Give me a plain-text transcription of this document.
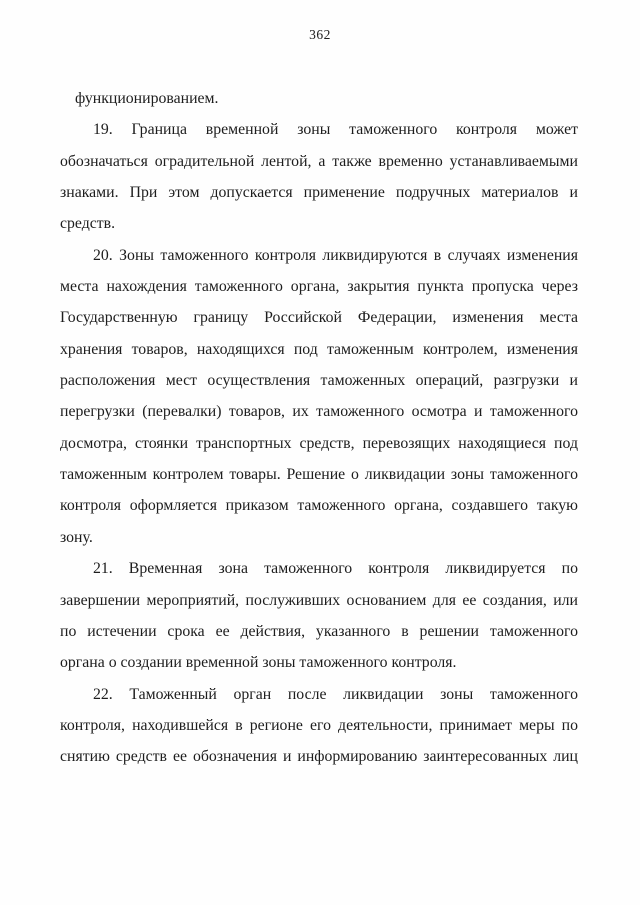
362
функционированием.
19. Граница временной зоны таможенного контроля может
обозначаться оградительной лентой, а также временно устанавливаемыми
знаками. При этом допускается применение подручных материалов и
средств.
20. Зоны таможенного контроля ликвидируются в случаях изменения
места нахождения таможенного органа, закрытия пункта пропуска через
Государственную границу Российской Федерации, изменения места
хранения товаров, находящихся под таможенным контролем, изменения
расположения мест осуществления таможенных операций, разгрузки и
перегрузки (перевалки) товаров, их таможенного осмотра и таможенного
досмотра, стоянки транспортных средств, перевозящих находящиеся под
таможенным контролем товары. Решение о ликвидации зоны таможенного
контроля оформляется приказом таможенного органа, создавшего такую
зону.
21. Временная зона таможенного контроля ликвидируется по
завершении мероприятий, послуживших основанием для ее создания, или
по истечении срока ее действия, указанного в решении таможенного
органа о создании временной зоны таможенного контроля.
22. Таможенный орган после ликвидации зоны таможенного
контроля, находившейся в регионе его деятельности, принимает меры по
снятию средств ее обозначения и информированию заинтересованных лиц
